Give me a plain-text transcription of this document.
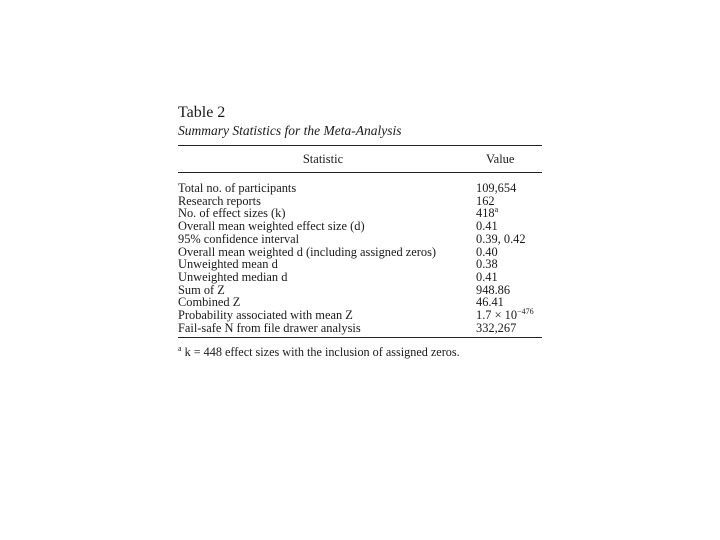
Table 2

Summary Statistics for the Meta-Analysis

Statistic	Value
Total no. of participants	109,654
Research reports	162
No. of effect sizes (k)	418$^a$
Overall mean weighted effect size (d)	0.41
95% confidence interval	0.39, 0.42
Overall mean weighted d (including assigned zeros)	0.40
Unweighted mean d	0.38
Unweighted median d	0.41
Sum of Z	948.86
Combined Z	46.41
Probability associated with mean Z	$1.7 \times 10^{-476}$
Fail-safe N from file drawer analysis	332,267
$^a$ k = 448 effect sizes with the inclusion of assigned zeros.
